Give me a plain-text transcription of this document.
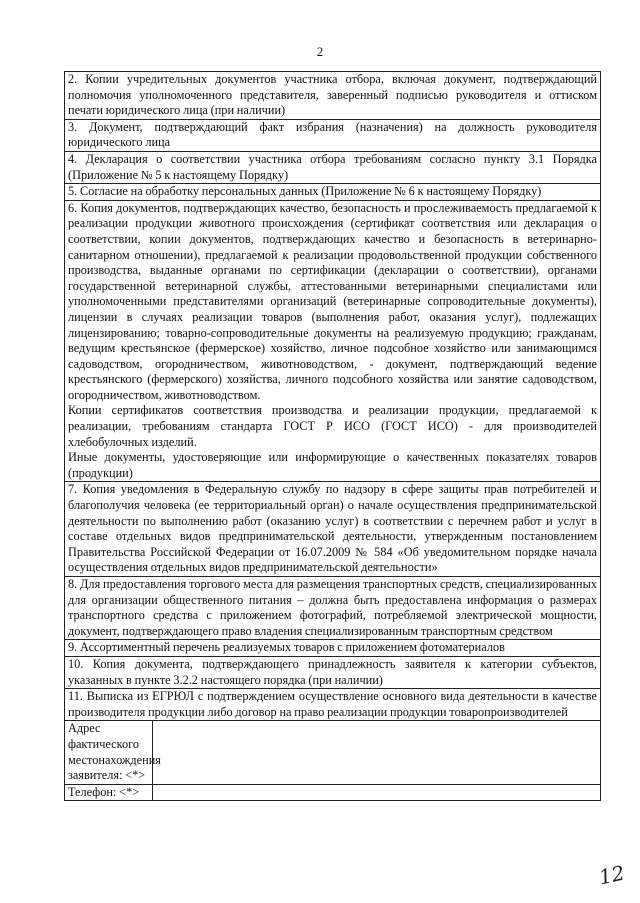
2
2. Копии учредительных документов участника отбора, включая документ, подтверждающий полномочия уполномоченного представителя, заверенный подписью руководителя и оттиском печати юридического лица (при наличии)	
3. Документ, подтверждающий факт избрания (назначения) на должность руководителя юридического лица	
4. Декларация о соответствии участника отбора требованиям согласно пункту 3.1 Порядка (Приложение № 5 к настоящему Порядку)	
5. Согласие на обработку персональных данных (Приложение № 6 к настоящему Порядку)	

6. Копия документов, подтверждающих качество, безопасность и прослеживаемость предлагаемой к реализации продукции животного происхождения (сертификат соответствия или декларация о соответствии, копии документов, подтверждающих качество и безопасность в ветеринарно-санитарном отношении), предлагаемой к реализации продовольственной продукции собственного производства, выданные органами по сертификации (декларации о соответствии), органами государственной ветеринарной службы, аттестованными ветеринарными специалистами или уполномоченными представителями организаций (ветеринарные сопроводительные документы), лицензии в случаях реализации товаров (выполнения работ, оказания услуг), подлежащих лицензированию; товарно-сопроводительные документы на реализуемую продукцию; гражданам, ведущим крестьянское (фермерское) хозяйство, личное подсобное хозяйство или занимающимся садоводством, огородничеством, животноводством, - документ, подтверждающий ведение крестьянского (фермерского) хозяйства, личного подсобного хозяйства или занятие садоводством, огородничеством, животноводством.

Копии сертификатов соответствия производства и реализации продукции, предлагаемой к реализации, требованиям стандарта ГОСТ Р ИСО (ГОСТ ИСО) - для производителей хлебобулочных изделий.

Иные документы, удостоверяющие или информирующие о качественных показателях товаров (продукции)	

7. Копия уведомления в Федеральную службу по надзору в сфере защиты прав потребителей и благополучия человека (ее территориальный орган) о начале осуществления предпринимательской деятельности по выполнению работ (оказанию услуг) в соответствии с перечнем работ и услуг в составе отдельных видов предпринимательской деятельности, утвержденным постановлением Правительства Российской Федерации от 16.07.2009 № 584 «Об уведомительном порядке начала осуществления отдельных видов предпринимательской деятельности»	
8. Для предоставления торгового места для размещения транспортных средств, специализированных для организации общественного питания – должна быть предоставлена информация о размерах транспортного средства с приложением фотографий, потребляемой электрической мощности, документ, подтверждающего право владения специализированным транспортным средством	
9. Ассортиментный перечень реализуемых товаров с приложением фотоматериалов	
10. Копия документа, подтверждающего принадлежность заявителя к категории субъектов, указанных в пункте 3.2.2 настоящего порядка (при наличии)	
11. Выписка из ЕГРЮЛ с подтверждением осуществление основного вида деятельности в качестве производителя продукции либо договор на право реализации продукции товаропроизводителей	
Адрес фактического местонахождения заявителя: <*>	
Телефон: <*>	
12
